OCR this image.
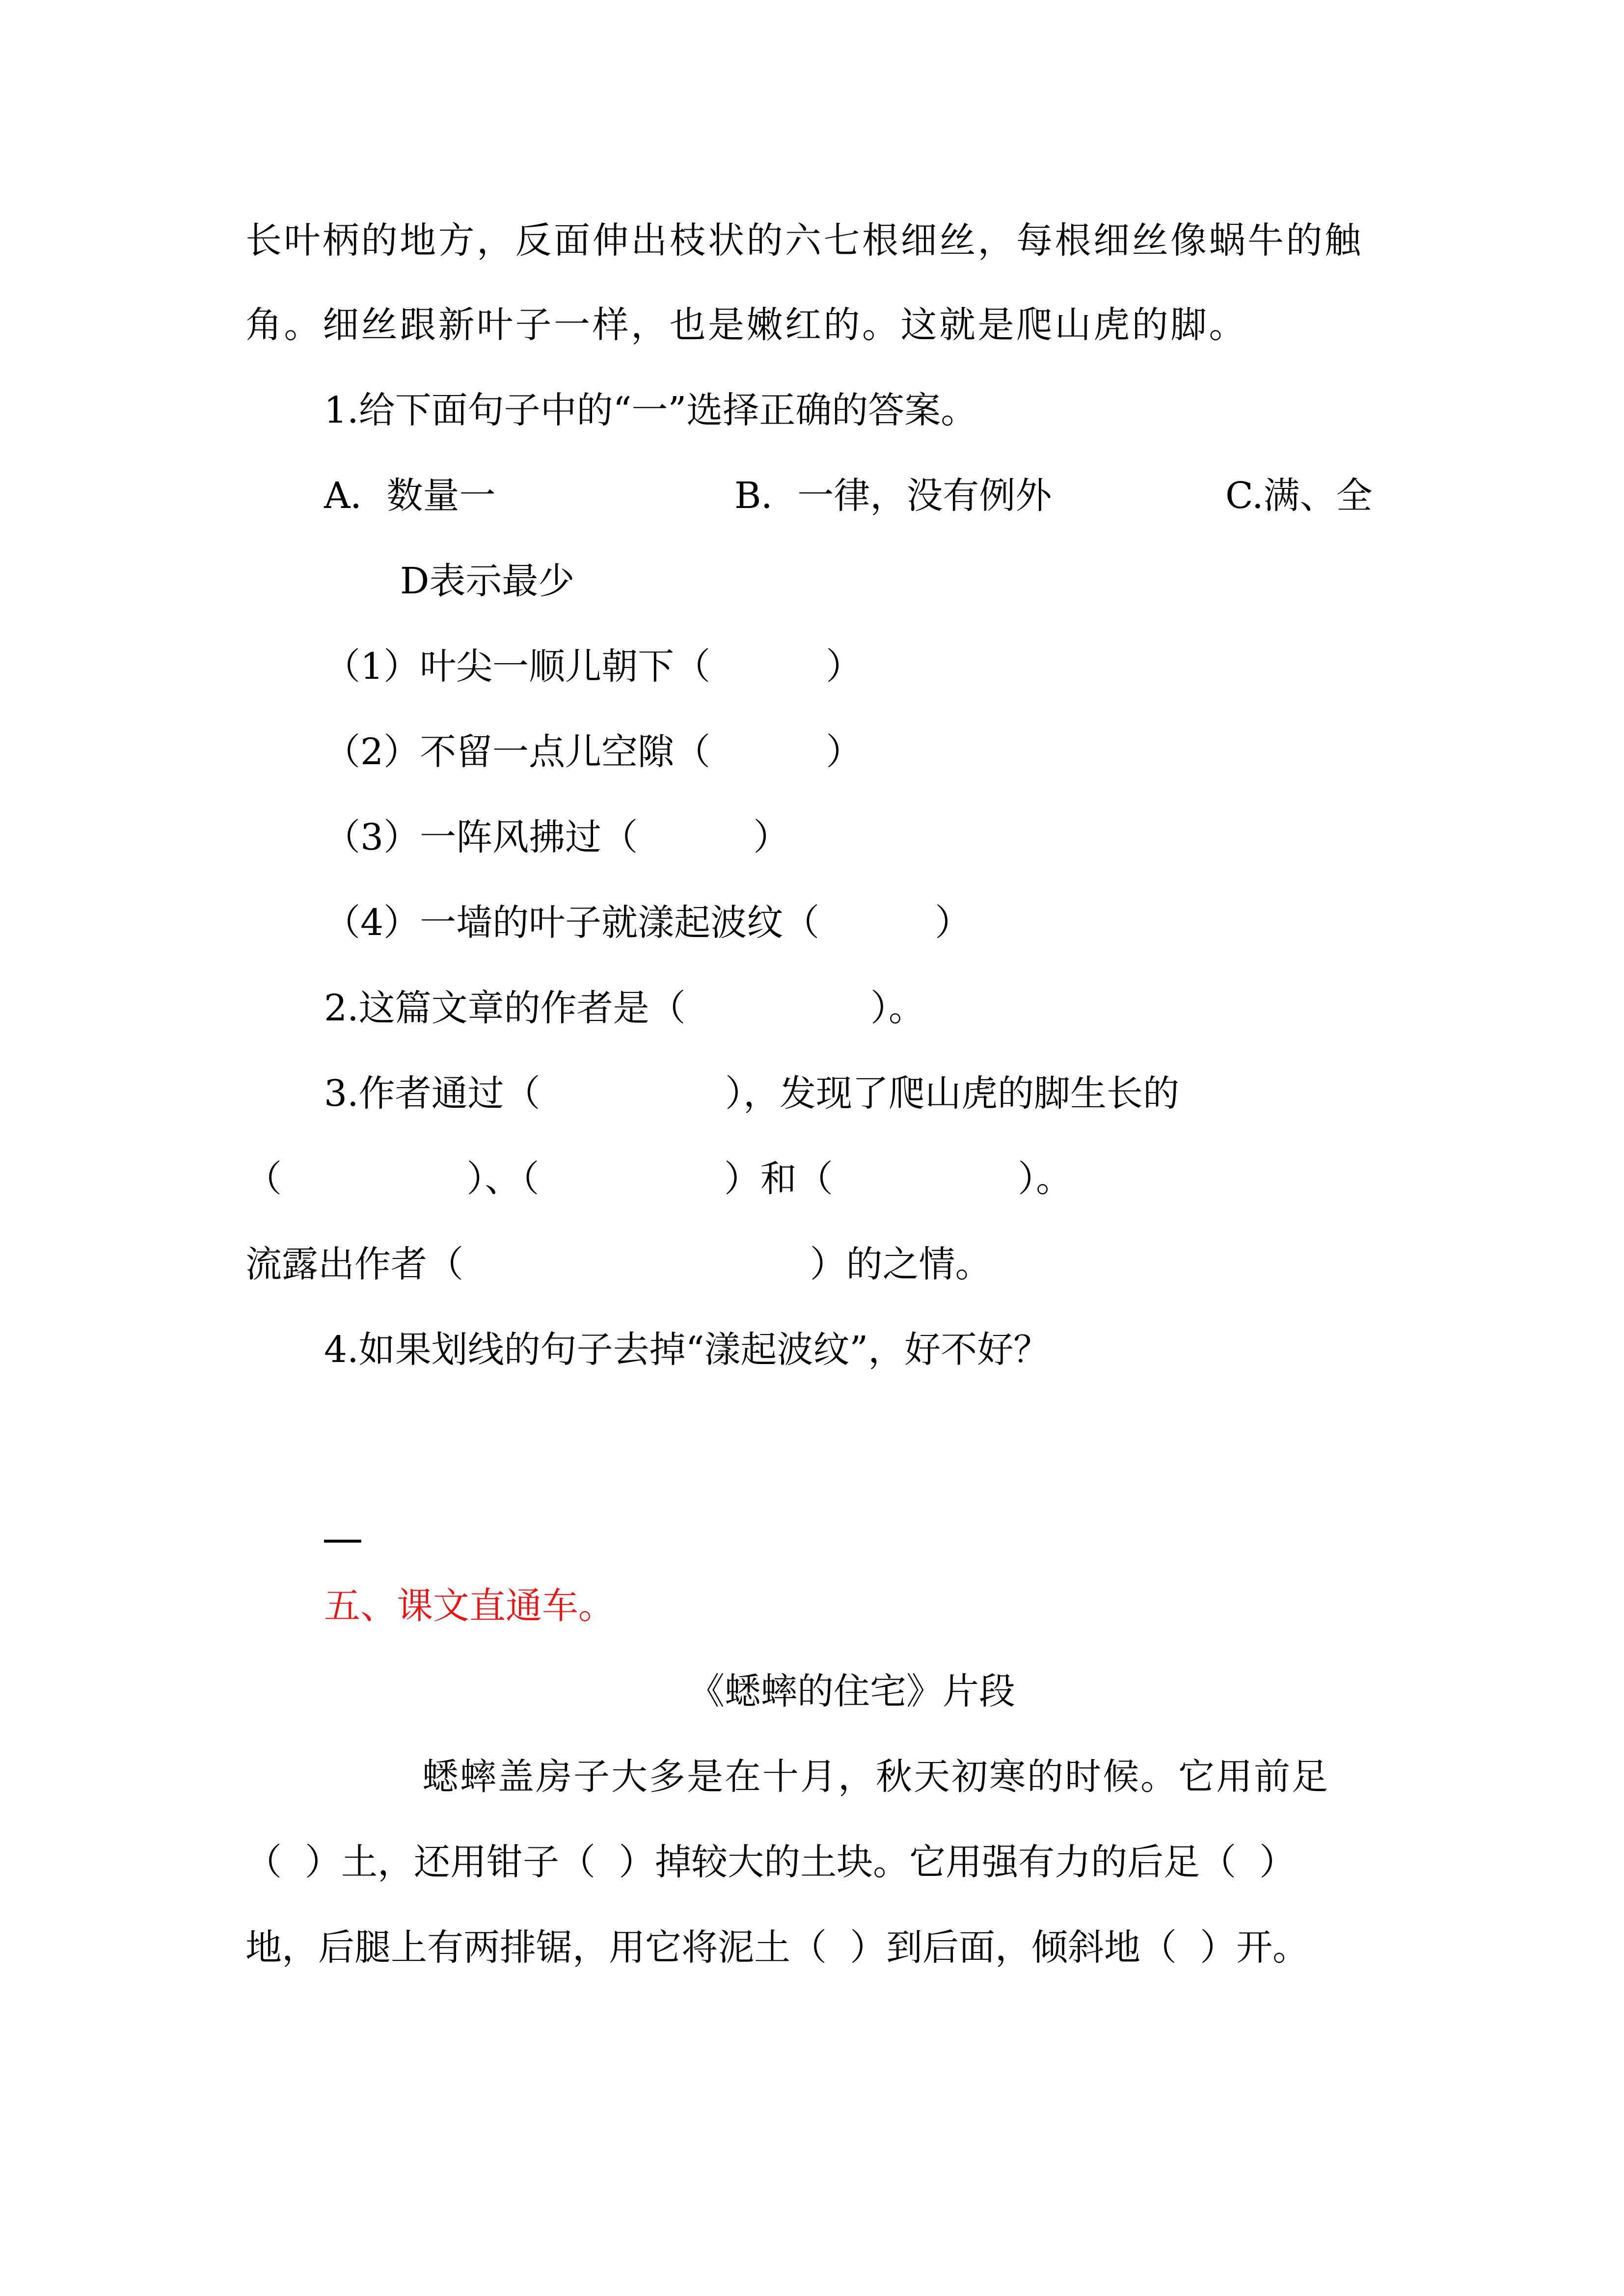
长叶柄的地方，反面伸出枝状的六七根细丝，每根细丝像蜗牛的触
角。细丝跟新叶子一样，也是嫩红的。这就是爬山虎的脚。
1.给下面句子中的“一”选择正确的答案。
A．数量一	B．一律，没有例外	C.满、全
D表示最少
（1）叶尖一顺儿朝下（          ）
（2）不留一点儿空隙（          ）
（3）一阵风拂过（          ）
（4）一墙的叶子就漾起波纹（          ）
2.这篇文章的作者是（                ）。
3.作者通过（                ），发现了爬山虎的脚生长的
（                ）、（                ）和（                ）。
流露出作者（                              ）的之情。
4.如果划线的句子去掉“漾起波纹”，好不好？
五、课文直通车。
《蟋蟀的住宅》片段
蟋蟀盖房子大多是在十月，秋天初寒的时候。它用前足
（  ）土，还用钳子（  ）掉较大的土块。它用强有力的后足（  ）
地，后腿上有两排锯，用它将泥土（  ）到后面，倾斜地（  ）开。
